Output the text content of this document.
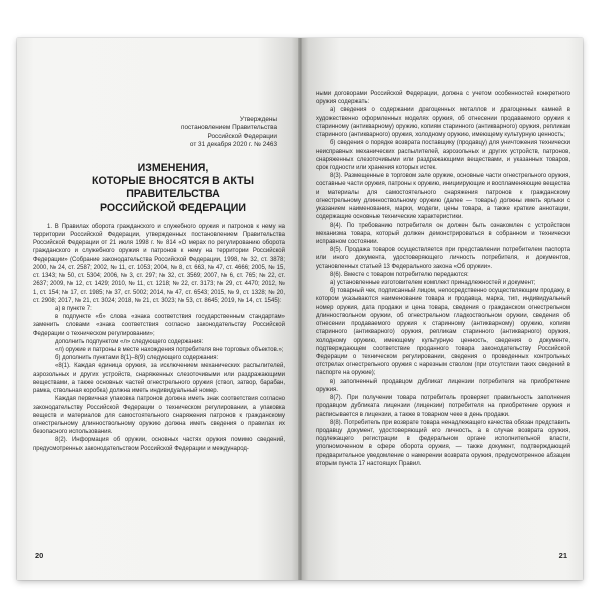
Утверждены
постановлением Правительства
Российской Федерации
от 31 декабря 2020 г. № 2463
ИЗМЕНЕНИЯ,
КОТОРЫЕ ВНОСЯТСЯ В АКТЫ ПРАВИТЕЛЬСТВА
РОССИЙСКОЙ ФЕДЕРАЦИИ

1. В Правилах оборота гражданского и служебного оружия и патронов к нему на территории Российской Федерации, утвержденных постановлением Правительства Российской Федерации от 21 июля 1998 г. № 814 «О мерах по регулированию оборота гражданского и служебного оружия и патронов к нему на территории Российской Федерации» (Собрание законодательства Российской Федерации, 1998, № 32, ст. 3878; 2000, № 24, ст. 2587; 2002, № 11, ст. 1053; 2004, № 8, ст. 663, № 47, ст. 4666; 2005, № 15, ст. 1343; № 50, ст. 5304; 2006, № 3, ст. 297; № 32, ст. 3569; 2007, № 6, ст. 765; № 22, ст. 2637; 2009, № 12, ст. 1429; 2010, № 11, ст. 1218; № 22, ст. 3173; № 29, ст. 4470; 2012, № 1, ст. 154; № 17, ст. 1985; № 37, ст. 5002; 2014, № 47, ст. 6543; 2015, № 9, ст. 1328; № 20, ст. 2908; 2017, № 21, ст. 3024; 2018, № 21, ст. 3023; № 53, ст. 8645; 2019, № 14, ст. 1545):

а) в пункте 7:

в подпункте «б» слова «знака соответствия государственным стандартам» заменить словами «знака соответствия согласно законодательству Российской Федерации о техническом регулировании»;

дополнить подпунктом «л» следующего содержания:

«л) оружие и патроны в месте нахождения потребителя вне торговых объектов.»;

б) дополнить пунктами 8(1)–8(9) следующего содержания:

«8(1). Каждая единица оружия, за исключением механических распылителей, аэрозольных и других устройств, снаряженных слезоточивыми или раздражающими веществами, а также основных частей огнестрельного оружия (ствол, затвор, барабан, рамка, ствольная коробка) должна иметь индивидуальный номер.

Каждая первичная упаковка патронов должна иметь знак соответствия согласно законодательству Российской Федерации о техническом регулировании, а упаковка веществ и материалов для самостоятельного снаряжения патронов к гражданскому огнестрельному длинноствольному оружию должна иметь сведения о правилах их безопасного использования.

8(2). Информация об оружии, основных частях оружия помимо сведений, предусмотренных законодательством Российской Федерации и международ-

20

ными договорами Российской Федерации, должна с учетом особенностей конкретного оружия содержать:

а) сведения о содержании драгоценных металлов и драгоценных камней в художественно оформленных моделях оружия, об отнесении продаваемого оружия к старинному (антикварному) оружию, копиям старинного (антикварного) оружия, репликам старинного (антикварного) оружия, холодному оружию, имеющему культурную ценность;

б) сведения о порядке возврата поставщику (продавцу) для уничтожения технически неисправных механических распылителей, аэрозольных и других устройств, патронов, снаряженных слезоточивыми или раздражающими веществами, и указанных товаров, срок годности или хранения которых истек.

8(3). Размещенные в торговом зале оружие, основные части огнестрельного оружия, составные части оружия, патроны к оружию, инициирующие и воспламеняющие вещества и материалы для самостоятельного снаряжения патронов к гражданскому огнестрельному длинноствольному оружию (далее — товары) должны иметь ярлыки с указанием наименования, марки, модели, цены товара, а также краткие аннотации, содержащие основные технические характеристики.

8(4). По требованию потребителя он должен быть ознакомлен с устройством механизма товара, который должен демонстрироваться в собранном и технически исправном состоянии.

8(5). Продажа товаров осуществляется при представлении потребителем паспорта или иного документа, удостоверяющего личность потребителя, и документов, установленных статьей 13 Федерального закона «Об оружии».

8(6). Вместе с товаром потребителю передаются:

а) установленные изготовителем комплект принадлежностей и документ;

б) товарный чек, подписанный лицом, непосредственно осуществляющим продажу, в котором указываются наименование товара и продавца, марка, тип, индивидуальный номер оружия, дата продажи и цена товара, сведения о гражданском огнестрельном длинноствольном оружии, об огнестрельном гладкоствольном оружии, сведения об отнесении продаваемого оружия к старинному (антикварному) оружию, копиям старинного (антикварного) оружия, репликам старинного (антикварного) оружия, холодному оружию, имеющему культурную ценность, сведения о документе, подтверждающем соответствие проданного товара законодательству Российской Федерации о техническом регулировании, сведения о проведенных контрольных отстрелах огнестрельного оружия с нарезным стволом (при отсутствии таких сведений в паспорте на оружие);

в) заполненный продавцом дубликат лицензии потребителя на приобретение оружия.

8(7). При получении товара потребитель проверяет правильность заполнения продавцом дубликата лицензии (лицензии) потребителя на приобретение оружия и расписывается в лицензии, а также в товарном чеке в день продажи.

8(8). Потребитель при возврате товара ненадлежащего качества обязан представить продавцу документ, удостоверяющий его личность, а в случае возврата оружия, подлежащего регистрации в федеральном органе исполнительной власти, уполномоченном в сфере оборота оружия, — также документ, подтверждающий предварительное уведомление о намерении возврата оружия, предусмотренное абзацем вторым пункта 17 настоящих Правил.

21
